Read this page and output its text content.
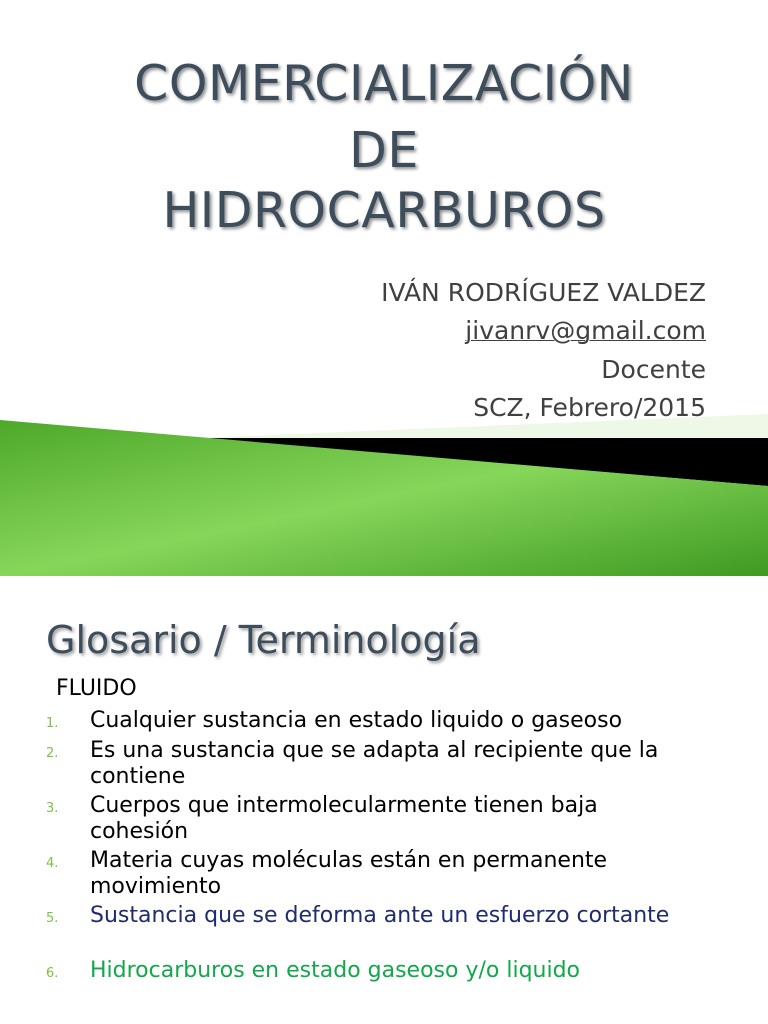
COMERCIALIZACIÓN
DE
HIDROCARBUROS
IVÁN RODRÍGUEZ VALDEZ
jivanrv@gmail.com
Docente
SCZ, Febrero/2015
Glosario / Terminología
FLUIDO
1. Cualquier sustancia en estado liquido o gaseoso
2. Es una sustancia que se adapta al recipiente que la contiene
3. Cuerpos que intermolecularmente tienen baja cohesión
4. Materia cuyas moléculas están en permanente movimiento
5. Sustancia que se deforma ante un esfuerzo cortante
6. Hidrocarburos en estado gaseoso y/o liquido
